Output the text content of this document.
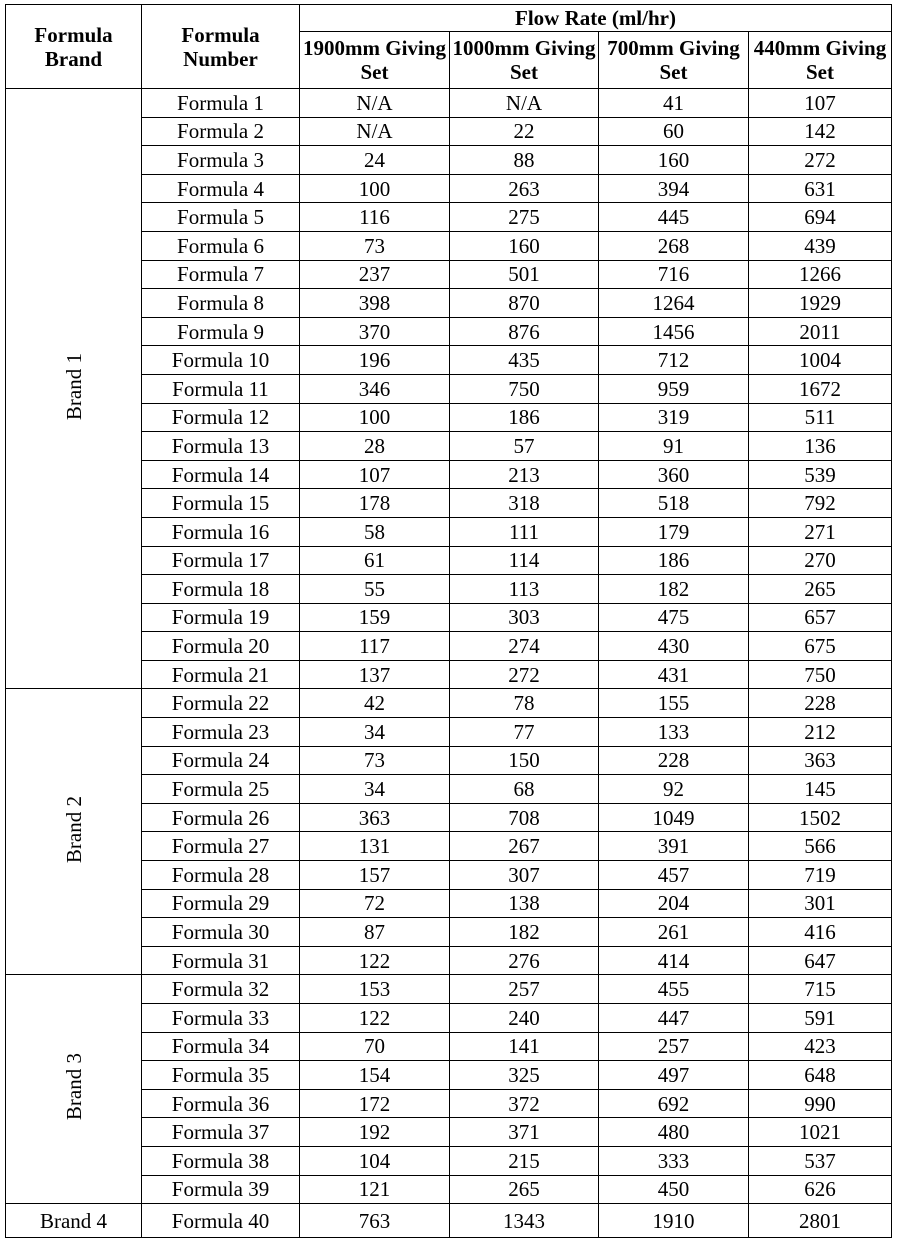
Formula Brand	Formula Number	Flow Rate (ml/hr)			
		1900mm Giving Set	1000mm Giving Set	700mm Giving Set	440mm Giving Set
Brand 1	Formula 1	N/A	N/A	41	107
	Formula 2	N/A	22	60	142
	Formula 3	24	88	160	272
	Formula 4	100	263	394	631
	Formula 5	116	275	445	694
	Formula 6	73	160	268	439
	Formula 7	237	501	716	1266
	Formula 8	398	870	1264	1929
	Formula 9	370	876	1456	2011
	Formula 10	196	435	712	1004
	Formula 11	346	750	959	1672
	Formula 12	100	186	319	511
	Formula 13	28	57	91	136
	Formula 14	107	213	360	539
	Formula 15	178	318	518	792
	Formula 16	58	111	179	271
	Formula 17	61	114	186	270
	Formula 18	55	113	182	265
	Formula 19	159	303	475	657
	Formula 20	117	274	430	675
	Formula 21	137	272	431	750
Brand 2	Formula 22	42	78	155	228
	Formula 23	34	77	133	212
	Formula 24	73	150	228	363
	Formula 25	34	68	92	145
	Formula 26	363	708	1049	1502
	Formula 27	131	267	391	566
	Formula 28	157	307	457	719
	Formula 29	72	138	204	301
	Formula 30	87	182	261	416
	Formula 31	122	276	414	647
Brand 3	Formula 32	153	257	455	715
	Formula 33	122	240	447	591
	Formula 34	70	141	257	423
	Formula 35	154	325	497	648
	Formula 36	172	372	692	990
	Formula 37	192	371	480	1021
	Formula 38	104	215	333	537
	Formula 39	121	265	450	626
Brand 4	Formula 40	763	1343	1910	2801
